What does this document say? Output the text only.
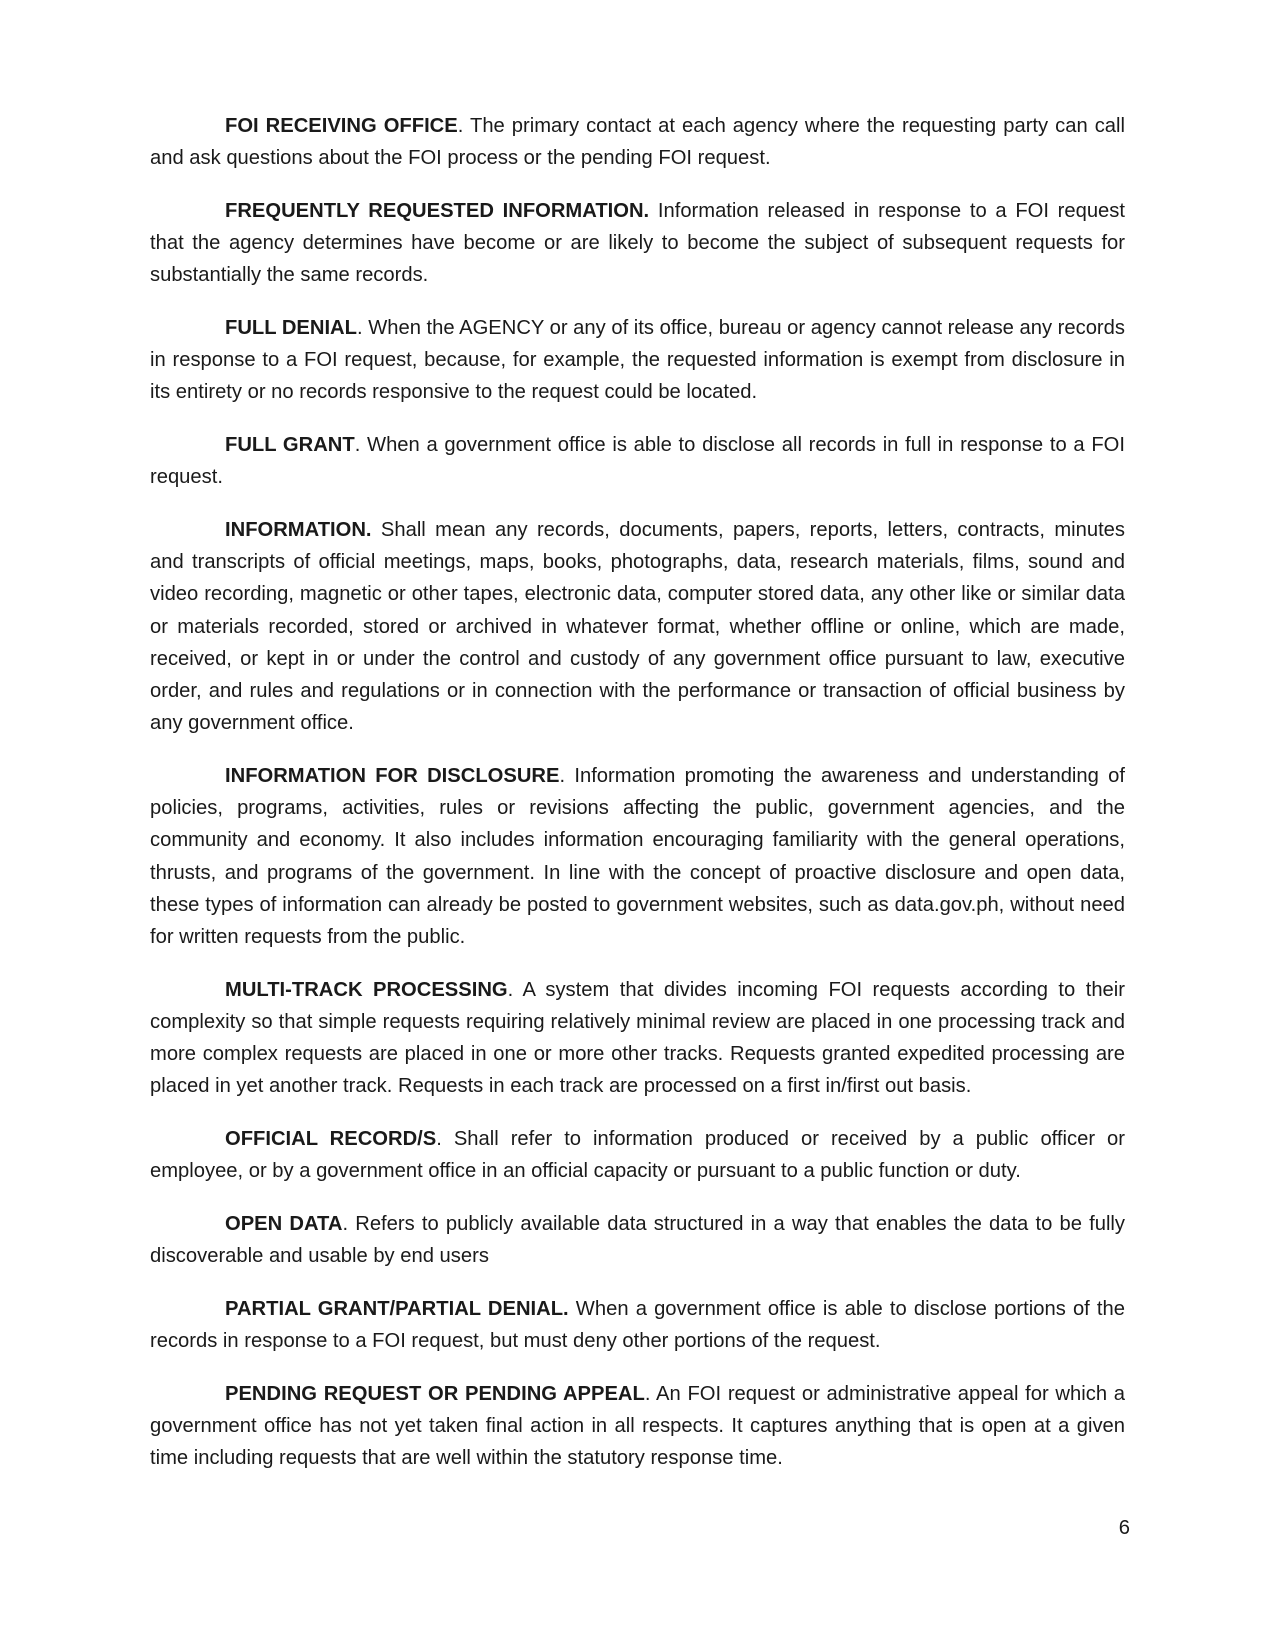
FOI RECEIVING OFFICE. The primary contact at each agency where the requesting party can call and ask questions about the FOI process or the pending FOI request.

FREQUENTLY REQUESTED INFORMATION. Information released in response to a FOI request that the agency determines have become or are likely to become the subject of subsequent requests for substantially the same records.

FULL DENIAL. When the AGENCY or any of its office, bureau or agency cannot release any records in response to a FOI request, because, for example, the requested information is exempt from disclosure in its entirety or no records responsive to the request could be located.

FULL GRANT. When a government office is able to disclose all records in full in response to a FOI request.

INFORMATION. Shall mean any records, documents, papers, reports, letters, contracts, minutes and transcripts of official meetings, maps, books, photographs, data, research materials, films, sound and video recording, magnetic or other tapes, electronic data, computer stored data, any other like or similar data or materials recorded, stored or archived in whatever format, whether offline or online, which are made, received, or kept in or under the control and custody of any government office pursuant to law, executive order, and rules and regulations or in connection with the performance or transaction of official business by any government office.

INFORMATION FOR DISCLOSURE. Information promoting the awareness and understanding of policies, programs, activities, rules or revisions affecting the public, government agencies, and the community and economy. It also includes information encouraging familiarity with the general operations, thrusts, and programs of the government. In line with the concept of proactive disclosure and open data, these types of information can already be posted to government websites, such as data.gov.ph, without need for written requests from the public.

MULTI-TRACK PROCESSING. A system that divides incoming FOI requests according to their complexity so that simple requests requiring relatively minimal review are placed in one processing track and more complex requests are placed in one or more other tracks. Requests granted expedited processing are placed in yet another track. Requests in each track are processed on a first in/first out basis.

OFFICIAL RECORD/S. Shall refer to information produced or received by a public officer or employee, or by a government office in an official capacity or pursuant to a public function or duty.

OPEN DATA. Refers to publicly available data structured in a way that enables the data to be fully discoverable and usable by end users

PARTIAL GRANT/PARTIAL DENIAL. When a government office is able to disclose portions of the records in response to a FOI request, but must deny other portions of the request.

PENDING REQUEST OR PENDING APPEAL. An FOI request or administrative appeal for which a government office has not yet taken final action in all respects. It captures anything that is open at a given time including requests that are well within the statutory response time.

6
